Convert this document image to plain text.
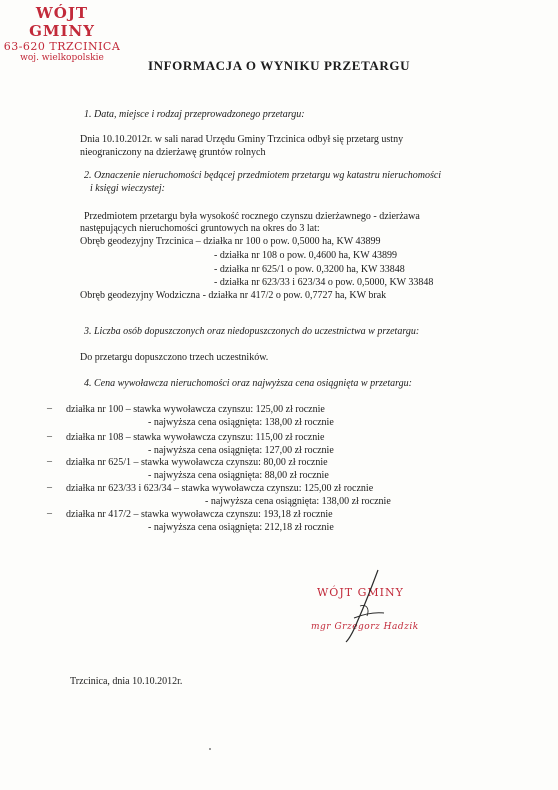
WÓJT GMINY
63-620 TRZCINICA
woj. wielkopolskie	INFORMACJA O WYNIKU PRZETARGU
1. Data, miejsce i rodzaj przeprowadzonego przetargu:
Dnia 10.10.2012r. w sali narad Urzędu Gminy Trzcinica odbył się przetarg ustny
nieograniczony na dzierżawę gruntów rolnych
2. Oznaczenie nieruchomości będącej przedmiotem przetargu wg katastru nieruchomości
i księgi wieczystej:
Przedmiotem przetargu była wysokość rocznego czynszu dzierżawnego - dzierżawa
następujących nieruchomości gruntowych na okres do 3 lat:
Obręb geodezyjny Trzcinica – działka nr 100 o pow. 0,5000 ha, KW 43899
- działka nr 108 o pow. 0,4600 ha, KW 43899
- działka nr 625/1 o pow. 0,3200 ha, KW 33848
- działka nr 623/33 i 623/34 o pow. 0,5000, KW 33848
Obręb geodezyjny Wodziczna - działka nr 417/2 o pow. 0,7727 ha, KW brak
3. Liczba osób dopuszczonych oraz niedopuszczonych do uczestnictwa w przetargu:
Do przetargu dopuszczono trzech uczestników.
4. Cena wywoławcza nieruchomości oraz najwyższa cena osiągnięta w przetargu:
– działka nr 100 – stawka wywoławcza czynszu: 125,00 zł rocznie
- najwyższa cena osiągnięta: 138,00 zł rocznie
– działka nr 108 – stawka wywoławcza czynszu: 115,00 zł rocznie
- najwyższa cena osiągnięta: 127,00 zł rocznie
– działka nr 625/1 – stawka wywoławcza czynszu: 80,00 zł rocznie
- najwyższa cena osiągnięta: 88,00 zł rocznie
– działka nr 623/33 i 623/34 – stawka wywoławcza czynszu: 125,00 zł rocznie
- najwyższa cena osiągnięta: 138,00 zł rocznie
– działka nr 417/2 – stawka wywoławcza czynszu: 193,18 zł rocznie
- najwyższa cena osiągnięta: 212,18 zł rocznie
WÓJT GMINY
mgr Grzegorz Hadzik
Trzcinica, dnia 10.10.2012r.
